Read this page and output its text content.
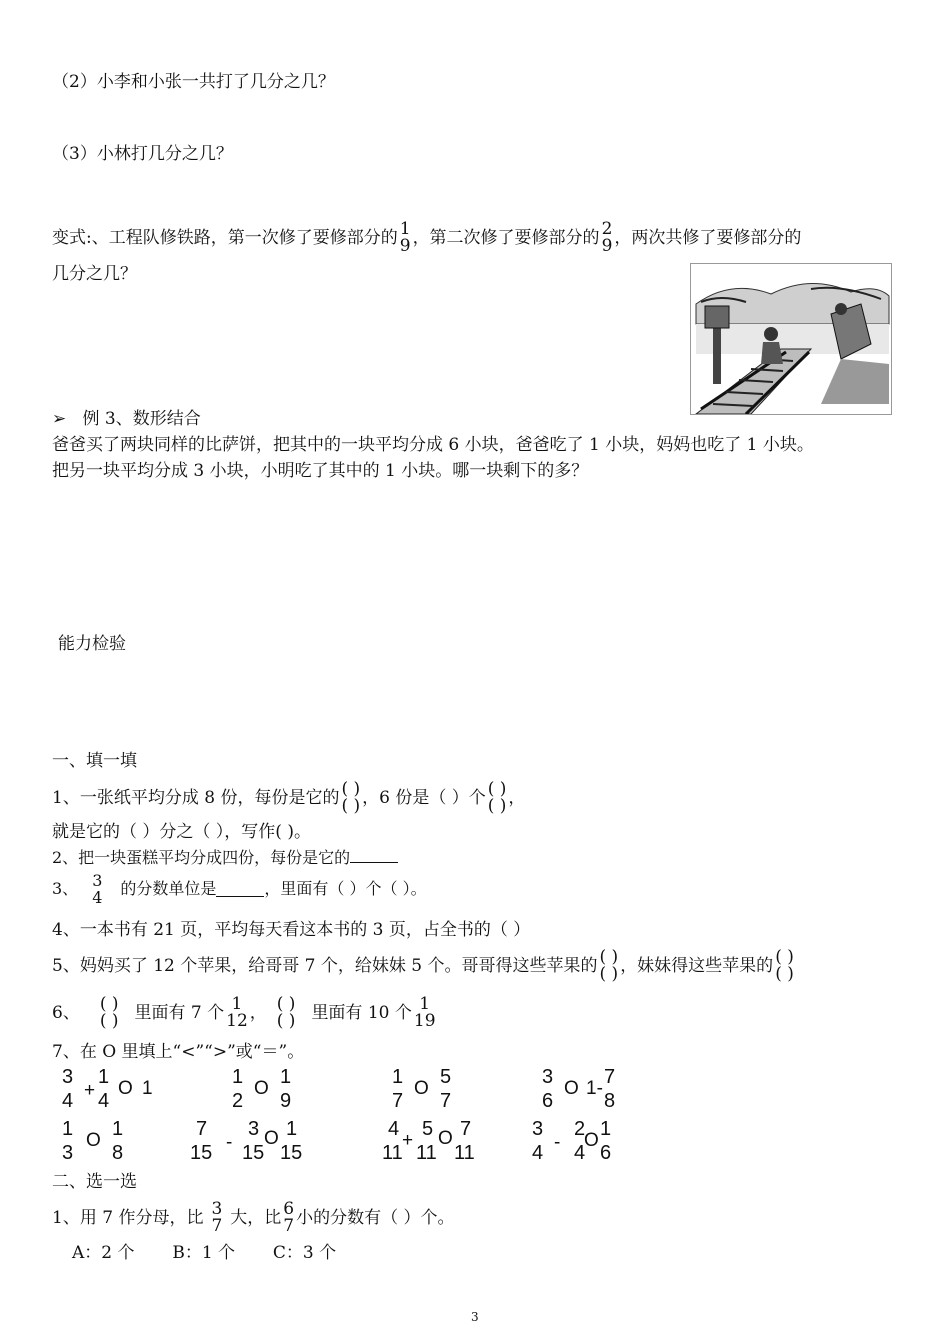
（2）小李和小张一共打了几分之几？
（3）小林打几分之几？
变式:、工程队修铁路，第一次修了要修部分的 1
9 ，第二次修了要修部分的 2
9 ，两次共修了要修部分的
几分之几？
➢ 例 3、数形结合
爸爸买了两块同样的比萨饼，把其中的一块平均分成 6 小块，爸爸吃了 1 小块，妈妈也吃了 1 小块。
把另一块平均分成 3 小块，小明吃了其中的 1 小块。哪一块剩下的多？
能力检验
一、填一填
1、一张纸平均分成 8 份，每份是它的 ( )
( ) ，6 份是（ ）个 ( )
( ) ，
就是它的（ ）分之（ ），写作( )。
2、把一块蛋糕平均分成四份，每份是它的
3、 3
4 的分数单位是	，里面有（ ）个（ ）。
4、一本书有 21 页，平均每天看这本书的 3 页，占全书的（ ）
5、妈妈买了 12 个苹果，给哥哥 7 个，给妹妹 5 个。哥哥得这些苹果的 ( )
( ) ，妹妹得这些苹果的 ( )
( )
6、 ( )
( ) 里面有 7 个 1
12 ， ( )
( ) 里面有 10 个 1
19
7、在 O 里填上“<”“>”或“＝”。
3
4 +
1
4
O 1
1
2
O
1
9
1
7
O
5
7
3
6
O 1-
7
8
1
3
O
1
8
7
15 -
3
15
O 1
15
4
11
+
5
11
O 7
11
3
4 -
2
4
O
1
6
二、选一选
1、用 7 作分母，比 3
7 大，比 6
7 小的分数有（ ）个。
A：2 个       B：1 个       C：3 个
3
